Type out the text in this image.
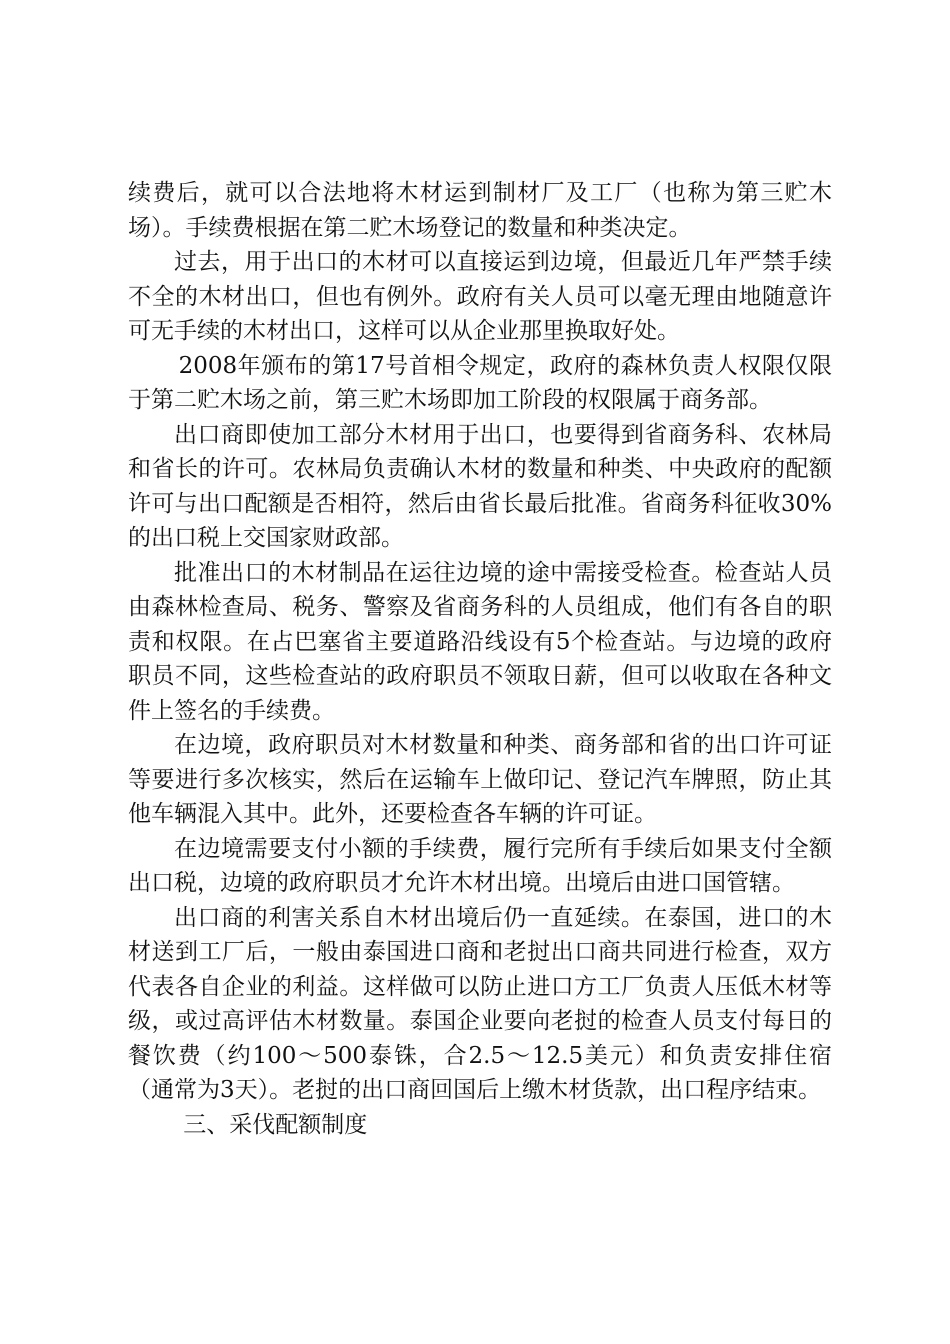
续费后，就可以合法地将木材运到制材厂及工厂（也称为第三贮木场）。手续费根据在第二贮木场登记的数量和种类决定。

过去，用于出口的木材可以直接运到边境，但最近几年严禁手续不全的木材出口，但也有例外。政府有关人员可以毫无理由地随意许可无手续的木材出口，这样可以从企业那里换取好处。

2008年颁布的第17号首相令规定，政府的森林负责人权限仅限于第二贮木场之前，第三贮木场即加工阶段的权限属于商务部。

出口商即使加工部分木材用于出口，也要得到省商务科、农林局和省长的许可。农林局负责确认木材的数量和种类、中央政府的配额许可与出口配额是否相符，然后由省长最后批准。省商务科征收30%的出口税上交国家财政部。

批准出口的木材制品在运往边境的途中需接受检查。检查站人员由森林检查局、税务、警察及省商务科的人员组成，他们有各自的职责和权限。在占巴塞省主要道路沿线设有5个检查站。与边境的政府职员不同，这些检查站的政府职员不领取日薪，但可以收取在各种文件上签名的手续费。

在边境，政府职员对木材数量和种类、商务部和省的出口许可证等要进行多次核实，然后在运输车上做印记、登记汽车牌照，防止其他车辆混入其中。此外，还要检查各车辆的许可证。

在边境需要支付小额的手续费，履行完所有手续后如果支付全额出口税，边境的政府职员才允许木材出境。出境后由进口国管辖。

出口商的利害关系自木材出境后仍一直延续。在泰国，进口的木材送到工厂后，一般由泰国进口商和老挝出口商共同进行检查，双方代表各自企业的利益。这样做可以防止进口方工厂负责人压低木材等级，或过高评估木材数量。泰国企业要向老挝的检查人员支付每日的餐饮费（约100～500泰铢，合2.5～12.5美元）和负责安排住宿（通常为3天）。老挝的出口商回国后上缴木材货款，出口程序结束。

三、采伐配额制度
